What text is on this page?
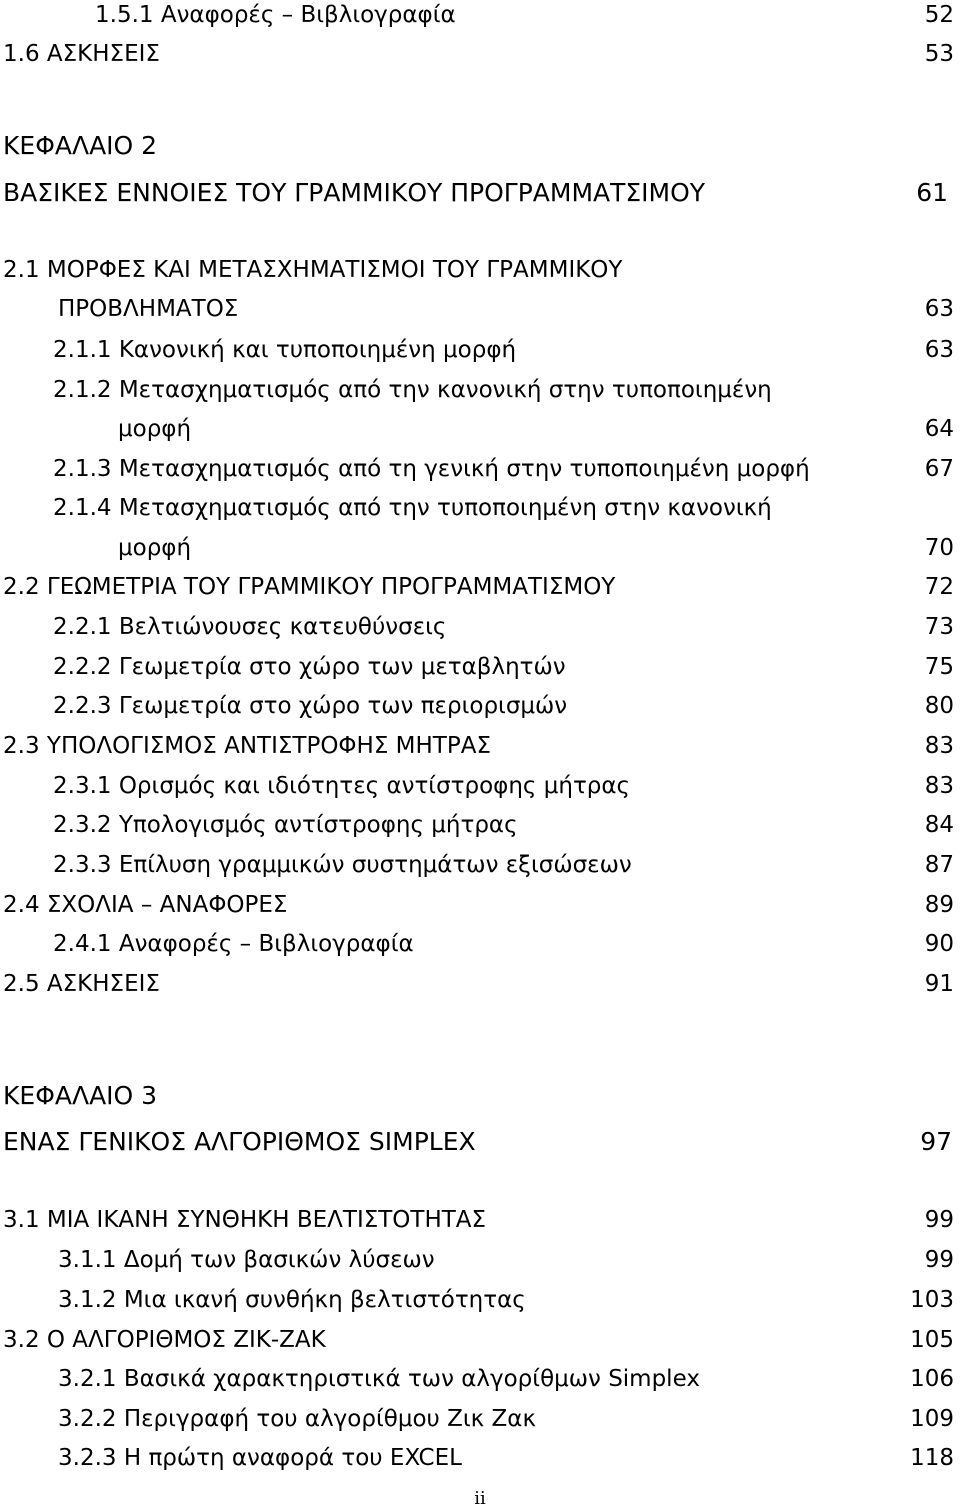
1.5.1 Αναφορές – Βιβλιογραφία	52
1.6 ΑΣΚΗΣΕΙΣ	53
ΚΕΦΑΛΑΙΟ 2
ΒΑΣΙΚΕΣ ΕΝΝΟΙΕΣ ΤΟΥ ΓΡΑΜΜΙΚΟΥ ΠΡΟΓΡΑΜΜΑΤΣΙΜΟΥ	61
2.1 ΜΟΡΦΕΣ ΚΑΙ ΜΕΤΑΣΧΗΜΑΤΙΣΜΟΙ ΤΟΥ ΓΡΑΜΜΙΚΟΥ
ΠΡΟΒΛΗΜΑΤΟΣ	63
2.1.1 Κανονική και τυποποιημένη μορφή	63
2.1.2 Μετασχηματισμός από την κανονική στην τυποποιημένη
μορφή	64
2.1.3 Μετασχηματισμός από τη γενική στην τυποποιημένη μορφή	67
2.1.4 Μετασχηματισμός από την τυποποιημένη στην κανονική
μορφή	70
2.2 ΓΕΩΜΕΤΡΙΑ ΤΟΥ ΓΡΑΜΜΙΚΟΥ ΠΡΟΓΡΑΜΜΑΤΙΣΜΟΥ	72
2.2.1 Βελτιώνουσες κατευθύνσεις	73
2.2.2 Γεωμετρία στο χώρο των μεταβλητών	75
2.2.3 Γεωμετρία στο χώρο των περιορισμών	80
2.3 ΥΠΟΛΟΓΙΣΜΟΣ ΑΝΤΙΣΤΡΟΦΗΣ ΜΗΤΡΑΣ	83
2.3.1 Ορισμός και ιδιότητες αντίστροφης μήτρας	83
2.3.2 Υπολογισμός αντίστροφης μήτρας	84
2.3.3 Επίλυση γραμμικών συστημάτων εξισώσεων	87
2.4 ΣΧΟΛΙΑ – ΑΝΑΦΟΡΕΣ	89
2.4.1 Αναφορές – Βιβλιογραφία	90
2.5 ΑΣΚΗΣΕΙΣ	91
ΚΕΦΑΛΑΙΟ 3
ΕΝΑΣ ΓΕΝΙΚΟΣ ΑΛΓΟΡΙΘΜΟΣ SIMPLEX	97
3.1 ΜΙΑ ΙΚΑΝΗ ΣΥΝΘΗΚΗ ΒΕΛΤΙΣΤΟΤΗΤΑΣ	99
3.1.1 Δομή των βασικών λύσεων	99
3.1.2 Μια ικανή συνθήκη βελτιστότητας	103
3.2 Ο ΑΛΓΟΡΙΘΜΟΣ ΖΙΚ-ΖΑΚ	105
3.2.1 Βασικά χαρακτηριστικά των αλγορίθμων Simplex	106
3.2.2 Περιγραφή του αλγορίθμου Ζικ Ζακ	109
3.2.3 Η πρώτη αναφορά του EXCEL	118
ii
